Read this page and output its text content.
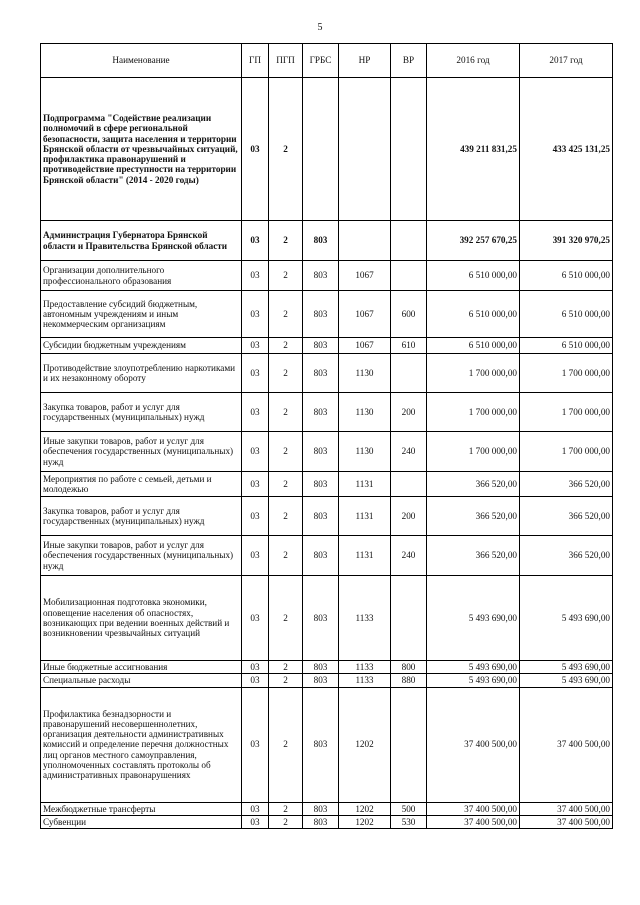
5
Наименование	ГП	ПГП	ГРБС	НР	ВР	2016 год	2017 год
Подпрограмма "Содействие реализации полномочий в сфере региональной безопасности, защита населения и территории Брянской области от чрезвычайных ситуаций, профилактика правонарушений и противодействие преступности на территории Брянской области" (2014 - 2020 годы)	03	2				439 211 831,25	433 425 131,25
Администрация Губернатора Брянской области и Правительства Брянской области	03	2	803			392 257 670,25	391 320 970,25
Организации дополнительного профессионального образования	03	2	803	1067		6 510 000,00	6 510 000,00
Предоставление субсидий бюджетным, автономным учреждениям и иным некоммерческим организациям	03	2	803	1067	600	6 510 000,00	6 510 000,00
Субсидии бюджетным учреждениям	03	2	803	1067	610	6 510 000,00	6 510 000,00
Противодействие злоупотреблению наркотиками и их незаконному обороту	03	2	803	1130		1 700 000,00	1 700 000,00
Закупка товаров, работ и услуг для государственных (муниципальных) нужд	03	2	803	1130	200	1 700 000,00	1 700 000,00
Иные закупки товаров, работ и услуг для обеспечения государственных (муниципальных) нужд	03	2	803	1130	240	1 700 000,00	1 700 000,00
Мероприятия по работе с семьей, детьми и молодежью	03	2	803	1131		366 520,00	366 520,00
Закупка товаров, работ и услуг для государственных (муниципальных) нужд	03	2	803	1131	200	366 520,00	366 520,00
Иные закупки товаров, работ и услуг для обеспечения государственных (муниципальных) нужд	03	2	803	1131	240	366 520,00	366 520,00
Мобилизационная подготовка экономики, оповещение населения об опасностях, возникающих при ведении военных действий и возникновении чрезвычайных ситуаций	03	2	803	1133		5 493 690,00	5 493 690,00
Иные бюджетные ассигнования	03	2	803	1133	800	5 493 690,00	5 493 690,00
Специальные расходы	03	2	803	1133	880	5 493 690,00	5 493 690,00
Профилактика безнадзорности и правонарушений несовершеннолетних, организация деятельности административных комиссий и определение перечня должностных лиц органов местного самоуправления, уполномоченных составлять протоколы об административных правонарушениях	03	2	803	1202		37 400 500,00	37 400 500,00
Межбюджетные трансферты	03	2	803	1202	500	37 400 500,00	37 400 500,00
Субвенции	03	2	803	1202	530	37 400 500,00	37 400 500,00
